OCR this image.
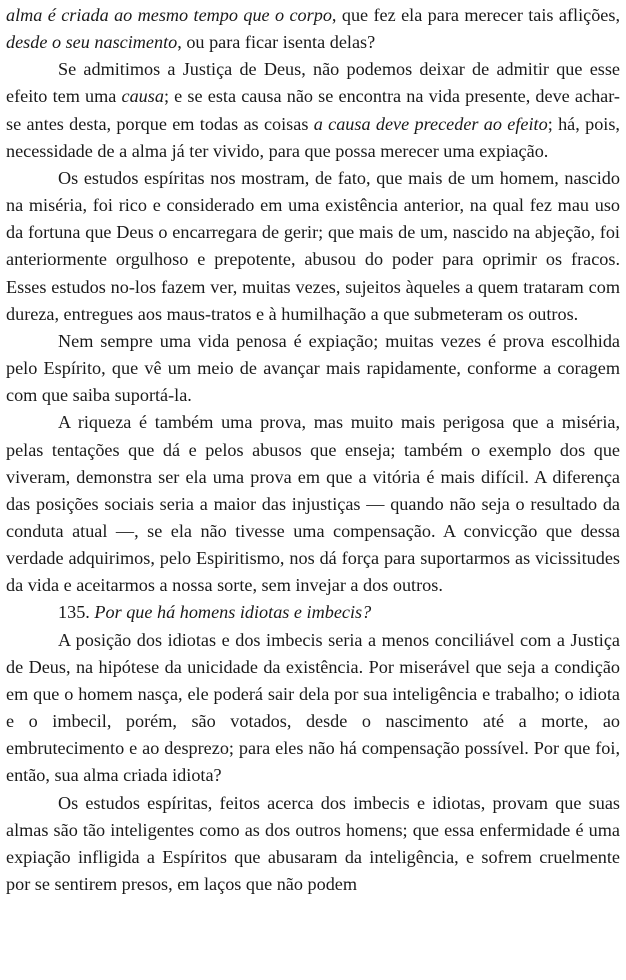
alma é criada ao mesmo tempo que o corpo, que fez ela para merecer tais aflições, desde o seu nascimento, ou para ficar isenta delas?

Se admitimos a Justiça de Deus, não podemos deixar de admitir que esse efeito tem uma causa; e se esta causa não se encontra na vida presente, deve achar-se antes desta, porque em todas as coisas a causa deve preceder ao efeito; há, pois, necessidade de a alma já ter vivido, para que possa merecer uma expiação.

Os estudos espíritas nos mostram, de fato, que mais de um homem, nascido na miséria, foi rico e considerado em uma existência anterior, na qual fez mau uso da fortuna que Deus o encarregara de gerir; que mais de um, nascido na abjeção, foi anteriormente orgulhoso e prepotente, abusou do poder para oprimir os fracos. Esses estudos no-los fazem ver, muitas vezes, sujeitos àqueles a quem trataram com dureza, entregues aos maus-tratos e à humilhação a que submeteram os outros.

Nem sempre uma vida penosa é expiação; muitas vezes é prova escolhida pelo Espírito, que vê um meio de avançar mais rapidamente, conforme a coragem com que saiba suportá-la.

A riqueza é também uma prova, mas muito mais perigosa que a miséria, pelas tentações que dá e pelos abusos que enseja; também o exemplo dos que viveram, demonstra ser ela uma prova em que a vitória é mais difícil. A diferença das posições sociais seria a maior das injustiças — quando não seja o resultado da conduta atual —, se ela não tivesse uma compensação. A convicção que dessa verdade adquirimos, pelo Espiritismo, nos dá força para suportarmos as vicissitudes da vida e aceitarmos a nossa sorte, sem invejar a dos outros.

135. Por que há homens idiotas e imbecis?

A posição dos idiotas e dos imbecis seria a menos conciliável com a Justiça de Deus, na hipótese da unicidade da existência. Por miserável que seja a condição em que o homem nasça, ele poderá sair dela por sua inteligência e trabalho; o idiota e o imbecil, porém, são votados, desde o nascimento até a morte, ao embrutecimento e ao desprezo; para eles não há compensação possível. Por que foi, então, sua alma criada idiota?

Os estudos espíritas, feitos acerca dos imbecis e idiotas, provam que suas almas são tão inteligentes como as dos outros homens; que essa enfermidade é uma expiação infligida a Espíritos que abusaram da inteligência, e sofrem cruelmente por se sentirem presos, em laços que não podem
